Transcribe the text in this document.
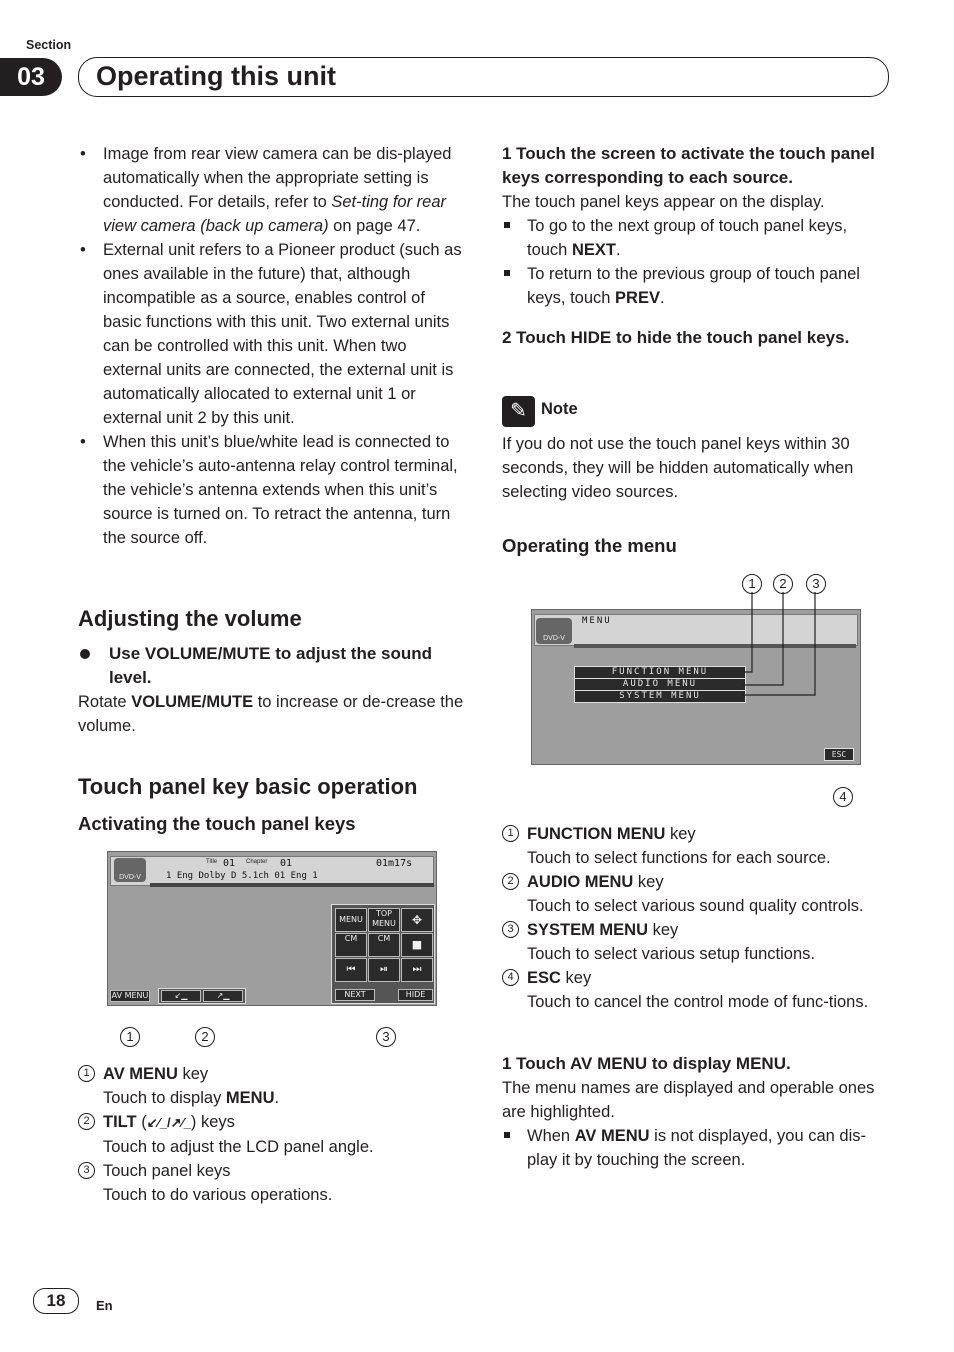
Section
03	Operating this unit
• Image from rear view camera can be dis-played automatically when the appropriate setting is conducted. For details, refer to Set-ting for rear view camera (back up camera) on page 47.
• External unit refers to a Pioneer product (such as ones available in the future) that, although incompatible as a source, enables control of basic functions with this unit. Two external units can be controlled with this unit. When two external units are connected, the external unit is automatically allocated to external unit 1 or external unit 2 by this unit.
• When this unit’s blue/white lead is connected to the vehicle’s auto-antenna relay control terminal, the vehicle’s antenna extends when this unit’s source is turned on. To retract the antenna, turn the source off.
Adjusting the volume
Use VOLUME/MUTE to adjust the sound level.
Rotate VOLUME/MUTE to increase or de-crease the volume.
Touch panel key basic operation
Activating the touch panel keys
DVD-V
Title 01 Chapter 01	01m17s
1 Eng Dolby D 5.1ch 01 Eng 1
MENU
TOP MENU	✥
CM	CM	■
⏮	⏯	⏭
NEXT	HIDE
AV MENU	↙▁	↗▁
1	2	3
1 AV MENU key
Touch to display MENU.
2 TILT (↙⁄_/↗⁄_) keys
Touch to adjust the LCD panel angle.
3 Touch panel keys
Touch to do various operations.
1 Touch the screen to activate the touch panel keys corresponding to each source.
The touch panel keys appear on the display.
To go to the next group of touch panel keys, touch NEXT.
To return to the previous group of touch panel keys, touch PREV.
2 Touch HIDE to hide the touch panel keys.
✎ Note
If you do not use the touch panel keys within 30 seconds, they will be hidden automatically when selecting video sources.
Operating the menu
1	2	3
DVD-V
MENU
FUNCTION MENU
AUDIO MENU
SYSTEM MENU
ESC
4
1 FUNCTION MENU key
Touch to select functions for each source.
2 AUDIO MENU key
Touch to select various sound quality controls.
3 SYSTEM MENU key
Touch to select various setup functions.
4 ESC key
Touch to cancel the control mode of func-tions.
1 Touch AV MENU to display MENU.
The menu names are displayed and operable ones are highlighted.
When AV MENU is not displayed, you can dis-play it by touching the screen.
18	En
